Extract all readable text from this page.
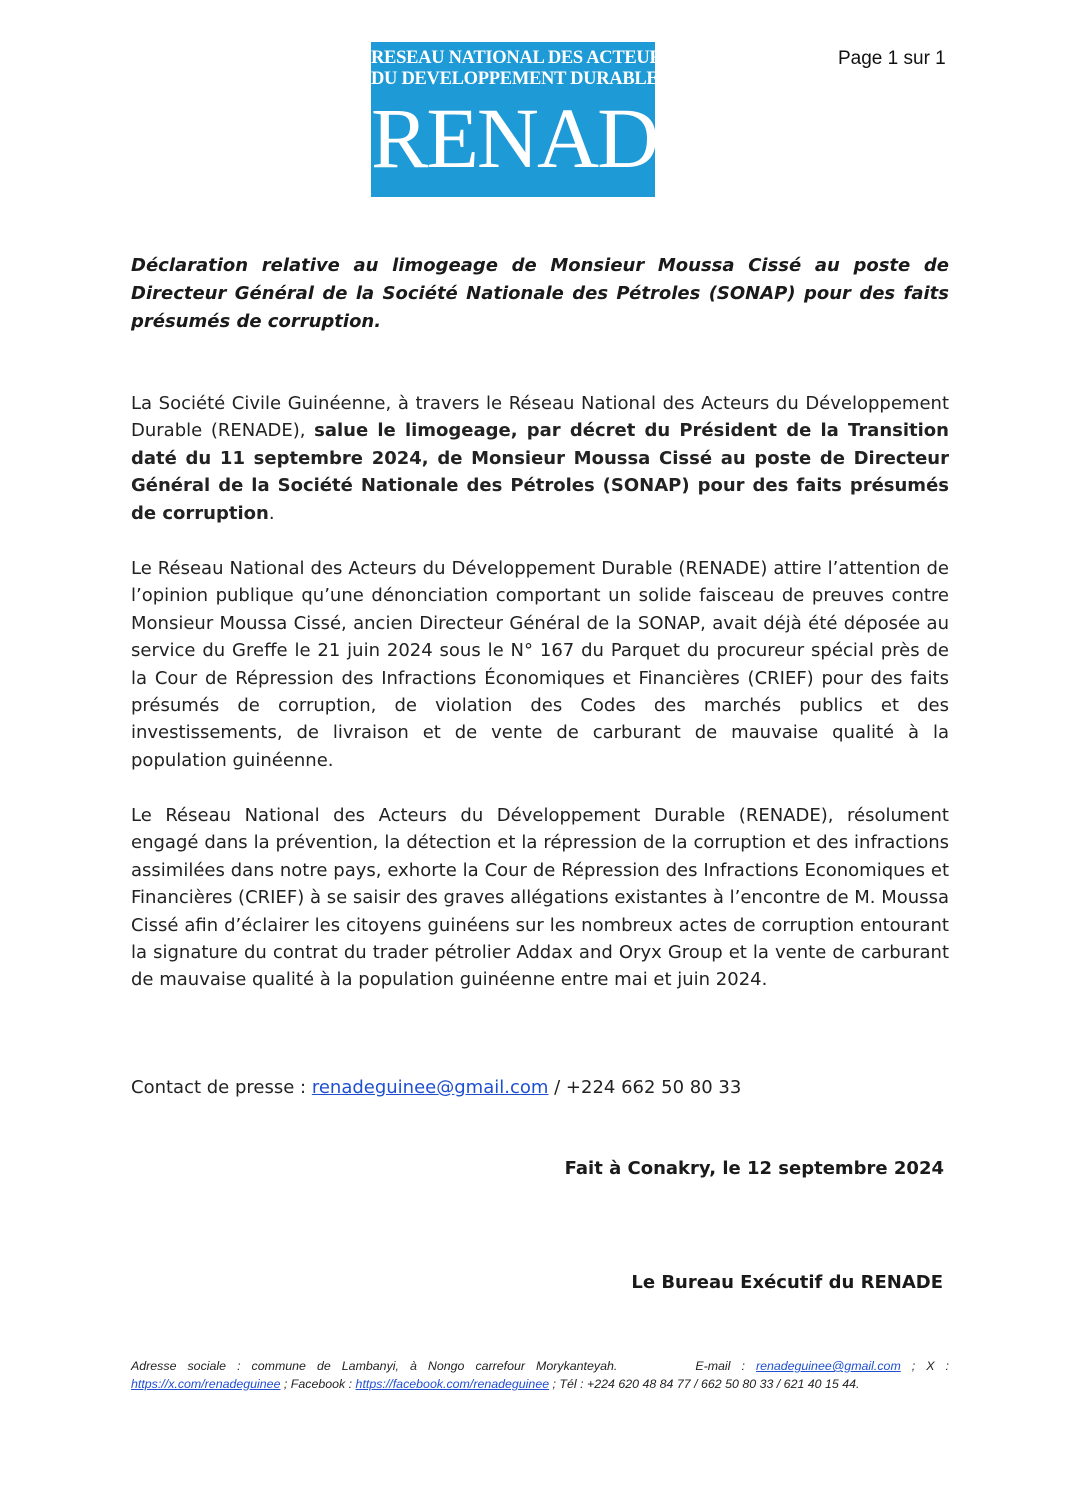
Page 1 sur 1
RESEAU NATIONAL DES ACTEURS
DU DEVELOPPEMENT DURABLE
RENADE

Déclaration relative au limogeage de Monsieur Moussa Cissé au poste de Directeur Général de la Société Nationale des Pétroles (SONAP) pour des faits présumés de corruption.

La Société Civile Guinéenne, à travers le Réseau National des Acteurs du Développement Durable (RENADE), salue le limogeage, par décret du Président de la Transition daté du 11 septembre 2024, de Monsieur Moussa Cissé au poste de Directeur Général de la Société Nationale des Pétroles (SONAP) pour des faits présumés de corruption.

Le Réseau National des Acteurs du Développement Durable (RENADE) attire l’attention de l’opinion publique qu’une dénonciation comportant un solide faisceau de preuves contre Monsieur Moussa Cissé, ancien Directeur Général de la SONAP, avait déjà été déposée au service du Greffe le 21 juin 2024 sous le N° 167 du Parquet du procureur spécial près de la Cour de Répression des Infractions Économiques et Financières (CRIEF) pour des faits présumés de corruption, de violation des Codes des marchés publics et des investissements, de livraison et de vente de carburant de mauvaise qualité à la population guinéenne.

Le Réseau National des Acteurs du Développement Durable (RENADE), résolument engagé dans la prévention, la détection et la répression de la corruption et des infractions assimilées dans notre pays, exhorte la Cour de Répression des Infractions Economiques et Financières (CRIEF) à se saisir des graves allégations existantes à l’encontre de M. Moussa Cissé afin d’éclairer les citoyens guinéens sur les nombreux actes de corruption entourant la signature du contrat du trader pétrolier Addax and Oryx Group et la vente de carburant de mauvaise qualité à la population guinéenne entre mai et juin 2024.

Contact de presse : renadeguinee@gmail.com / +224 662 50 80 33

Fait à Conakry, le 12 septembre 2024
Le Bureau Exécutif du RENADE
Adresse sociale : commune de Lambanyi, à Nongo carrefour Morykanteyah.	E-mail : renadeguinee@gmail.com ; X : https://x.com/renadeguinee ; Facebook : https://facebook.com/renadeguinee ; Tél : +224 620 48 84 77 / 662 50 80 33 / 621 40 15 44.
